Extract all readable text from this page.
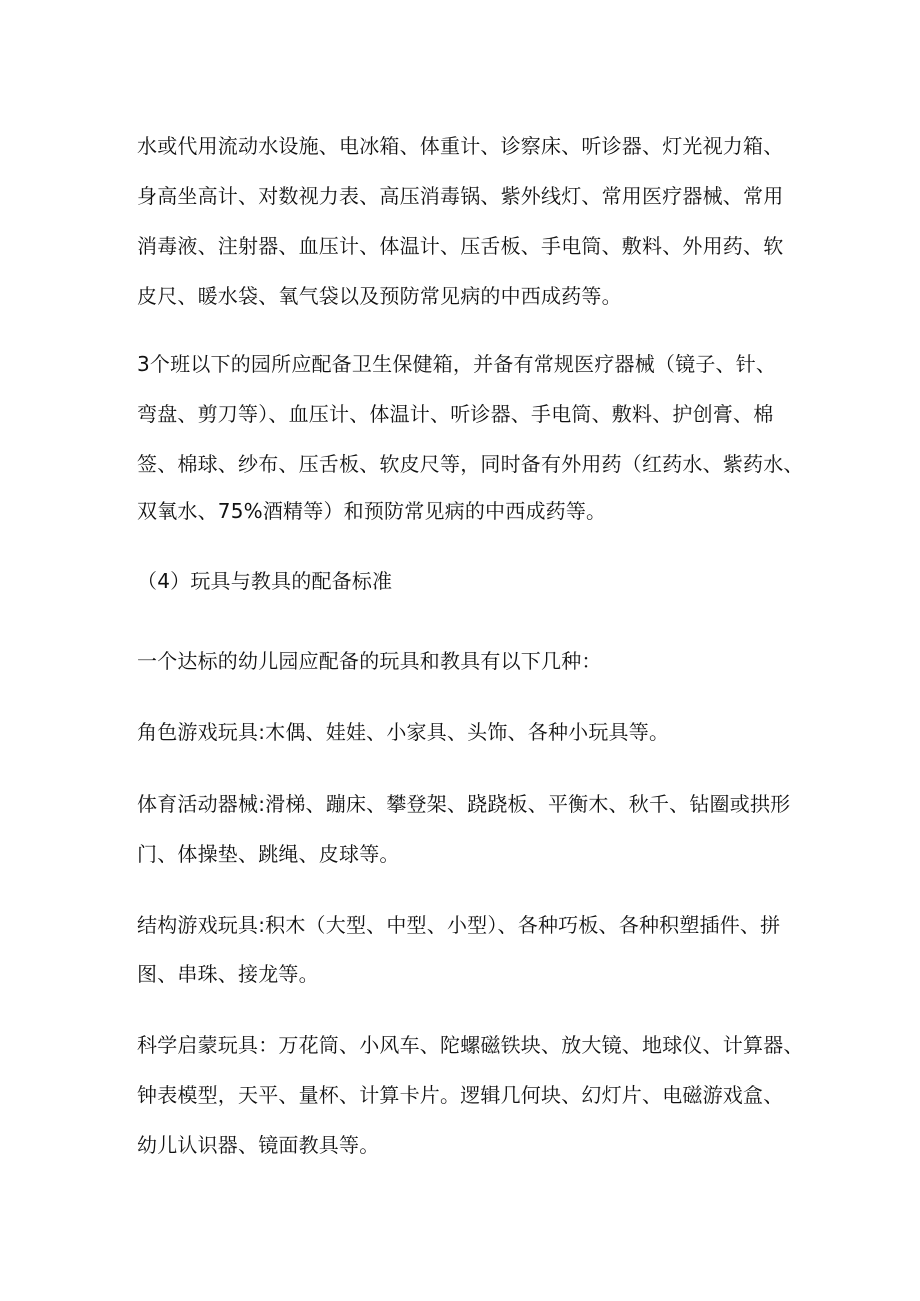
水或代用流动水设施、电冰箱、体重计、诊察床、听诊器、灯光视力箱、
身高坐高计、对数视力表、高压消毒锅、紫外线灯、常用医疗器械、常用
消毒液、注射器、血压计、体温计、压舌板、手电筒、敷料、外用药、软
皮尺、暖水袋、氧气袋以及预防常见病的中西成药等。
3个班以下的园所应配备卫生保健箱，并备有常规医疗器械（镜子、针、
弯盘、剪刀等）、血压计、体温计、听诊器、手电筒、敷料、护创膏、棉
签、棉球、纱布、压舌板、软皮尺等，同时备有外用药（红药水、紫药水、
双氧水、75%酒精等）和预防常见病的中西成药等。
（4）玩具与教具的配备标准
一个达标的幼儿园应配备的玩具和教具有以下几种：
角色游戏玩具:木偶、娃娃、小家具、头饰、各种小玩具等。
体育活动器械:滑梯、蹦床、攀登架、跷跷板、平衡木、秋千、钻圈或拱形
门、体操垫、跳绳、皮球等。
结构游戏玩具:积木（大型、中型、小型）、各种巧板、各种积塑插件、拼
图、串珠、接龙等。
科学启蒙玩具：万花筒、小风车、陀螺磁铁块、放大镜、地球仪、计算器、
钟表模型，天平、量杯、计算卡片。逻辑几何块、幻灯片、电磁游戏盒、
幼儿认识器、镜面教具等。
